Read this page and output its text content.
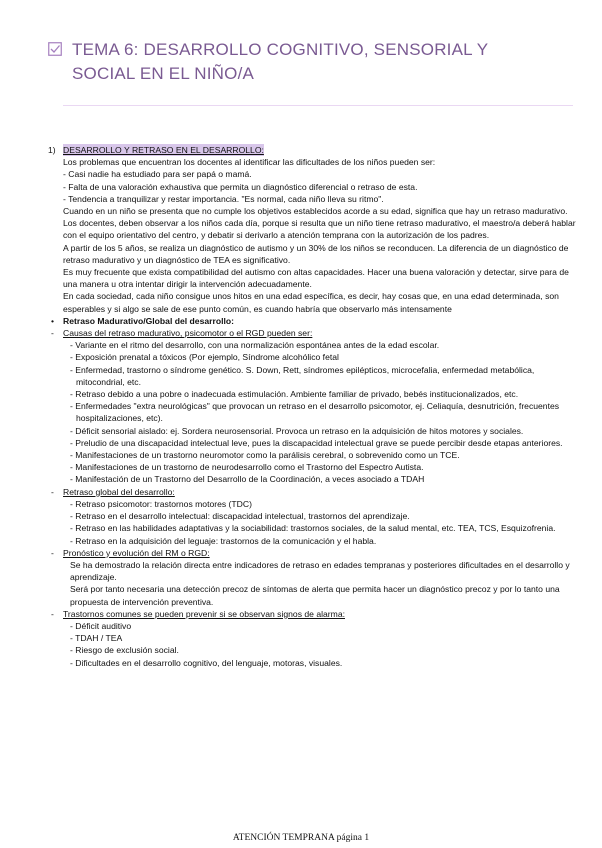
TEMA 6: DESARROLLO COGNITIVO, SENSORIAL Y
SOCIAL EN EL NIÑO/A
1) DESARROLLO Y RETRASO EN EL DESARROLLO:
Los problemas que encuentran los docentes al identificar las dificultades de los niños pueden ser:
- Casi nadie ha estudiado para ser papá o mamá.
- Falta de una valoración exhaustiva que permita un diagnóstico diferencial o retraso de esta.
- Tendencia a tranquilizar y restar importancia. "Es normal, cada niño lleva su ritmo".
Cuando en un niño se presenta que no cumple los objetivos establecidos acorde a su edad, significa que hay un retraso madurativo. Los docentes, deben observar a los niños cada día, porque si resulta que un niño tiene retraso madurativo, el maestro/a deberá hablar con el equipo orientativo del centro, y debatir si derivarlo a atención temprana con la autorización de los padres.
A partir de los 5 años, se realiza un diagnóstico de autismo y un 30% de los niños se reconducen. La diferencia de un diagnóstico de retraso madurativo y un diagnóstico de TEA es significativo.
Es muy frecuente que exista compatibilidad del autismo con altas capacidades. Hacer una buena valoración y detectar, sirve para de una manera u otra intentar dirigir la intervención adecuadamente.
En cada sociedad, cada niño consigue unos hitos en una edad específica, es decir, hay cosas que, en una edad determinada, son esperables y si algo se sale de ese punto común, es cuando habría que observarlo más intensamente
•	Retraso Madurativo/Global del desarrollo:
-	Causas del retraso madurativo, psicomotor o el RGD pueden ser:
- Variante en el ritmo del desarrollo, con una normalización espontánea antes de la edad escolar.
- Exposición prenatal a tóxicos (Por ejemplo, Síndrome alcohólico fetal
- Enfermedad, trastorno o síndrome genético. S. Down, Rett, síndromes epilépticos, microcefalia, enfermedad metabólica, mitocondrial, etc.
- Retraso debido a una pobre o inadecuada estimulación. Ambiente familiar de privado, bebés institucionalizados, etc.
- Enfermedades "extra neurológicas" que provocan un retraso en el desarrollo psicomotor, ej. Celiaquía, desnutrición, frecuentes hospitalizaciones, etc).
- Déficit sensorial aislado: ej. Sordera neurosensorial. Provoca un retraso en la adquisición de hitos motores y sociales.
- Preludio de una discapacidad intelectual leve, pues la discapacidad intelectual grave se puede percibir desde etapas anteriores.
- Manifestaciones de un trastorno neuromotor como la parálisis cerebral, o sobrevenido como un TCE.
- Manifestaciones de un trastorno de neurodesarrollo como el Trastorno del Espectro Autista.
- Manifestación de un Trastorno del Desarrollo de la Coordinación, a veces asociado a TDAH
-	Retraso global del desarrollo:
- Retraso psicomotor: trastornos motores (TDC)
- Retraso en el desarrollo intelectual: discapacidad intelectual, trastornos del aprendizaje.
- Retraso en las habilidades adaptativas y la sociabilidad: trastornos sociales, de la salud mental, etc. TEA, TCS, Esquizofrenia.
- Retraso en la adquisición del leguaje: trastornos de la comunicación y el habla.
-	Pronóstico y evolución del RM o RGD:
Se ha demostrado la relación directa entre indicadores de retraso en edades tempranas y posteriores dificultades en el desarrollo y aprendizaje.
Será por tanto necesaria una detección precoz de síntomas de alerta que permita hacer un diagnóstico precoz y por lo tanto una propuesta de intervención preventiva.
-	Trastornos comunes se pueden prevenir si se observan signos de alarma:
- Déficit auditivo
- TDAH / TEA
- Riesgo de exclusión social.
- Dificultades en el desarrollo cognitivo, del lenguaje, motoras, visuales.
ATENCIÓN TEMPRANA página 1
